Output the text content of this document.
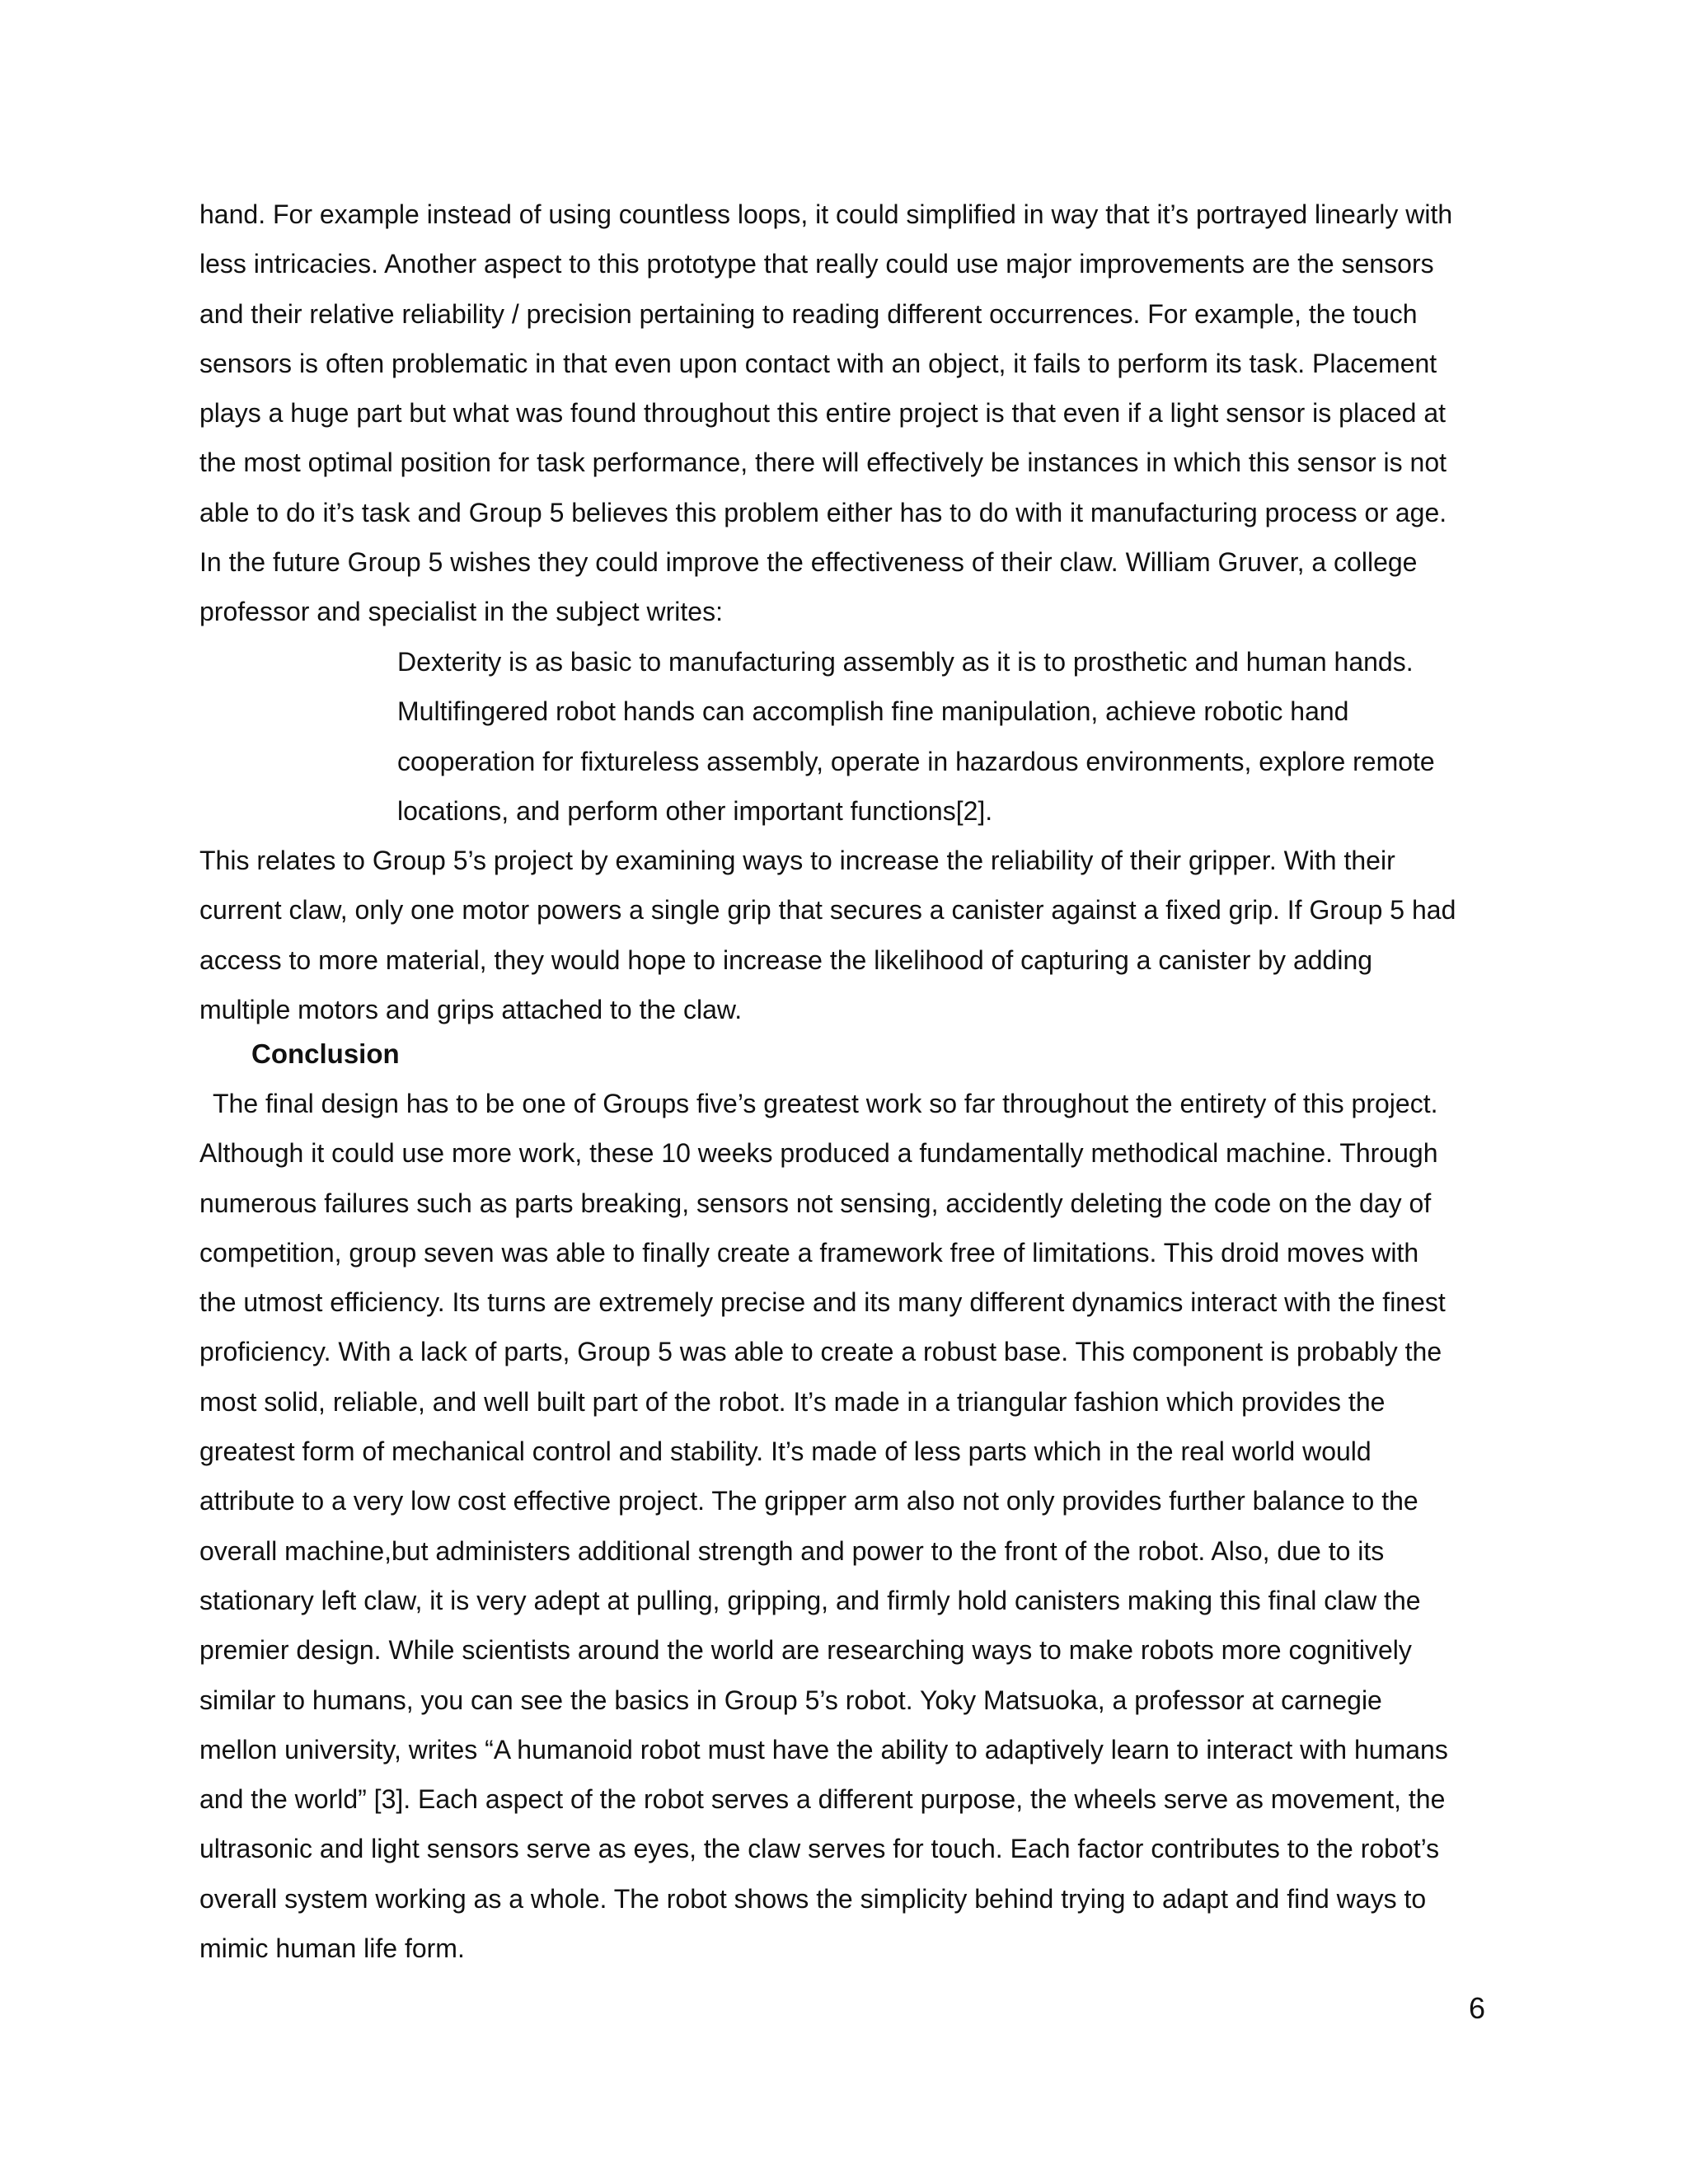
hand. For example instead of using countless loops, it could simplified in way that it’s portrayed linearly with
less intricacies. Another aspect to this prototype that really could use major improvements are the sensors
and their relative reliability / precision pertaining to reading different occurrences. For example, the touch
sensors is often problematic in that even upon contact with an object, it fails to perform its task. Placement
plays a huge part but what was found throughout this entire project is that even if a light sensor is placed at
the most optimal position for task performance, there will effectively be instances in which this sensor is not
able to do it’s task and Group 5 believes this problem either has to do with it manufacturing process or age.
In the future Group 5 wishes they could improve the effectiveness of their claw. William Gruver, a college
professor and specialist in the subject writes:
Dexterity is as basic to manufacturing assembly as it is to prosthetic and human hands.
Multifingered robot hands can accomplish fine manipulation, achieve robotic hand
cooperation for fixtureless assembly, operate in hazardous environments, explore remote
locations, and perform other important functions[2].
This relates to Group 5’s project by examining ways to increase the reliability of their gripper. With their
current claw, only one motor powers a single grip that secures a canister against a fixed grip. If Group 5 had
access to more material, they would hope to increase the likelihood of capturing a canister by adding
multiple motors and grips attached to the claw.
Conclusion
The final design has to be one of Groups five’s greatest work so far throughout the entirety of this project.
Although it could use more work, these 10 weeks produced a fundamentally methodical machine. Through
numerous failures such as parts breaking, sensors not sensing, accidently deleting the code on the day of
competition, group seven was able to finally create a framework free of limitations. This droid moves with
the utmost efficiency. Its turns are extremely precise and its many different dynamics interact with the finest
proficiency. With a lack of parts, Group 5 was able to create a robust base. This component is probably the
most solid, reliable, and well built part of the robot. It’s made in a triangular fashion which provides the
greatest form of mechanical control and stability. It’s made of less parts which in the real world would
attribute to a very low cost effective project. The gripper arm also not only provides further balance to the
overall machine,but administers additional strength and power to the front of the robot. Also, due to its
stationary left claw, it is very adept at pulling, gripping, and firmly hold canisters making this final claw the
premier design. While scientists around the world are researching ways to make robots more cognitively
similar to humans, you can see the basics in Group 5’s robot. Yoky Matsuoka, a professor at carnegie
mellon university, writes “A humanoid robot must have the ability to adaptively learn to interact with humans
and the world” [3]. Each aspect of the robot serves a different purpose, the wheels serve as movement, the
ultrasonic and light sensors serve as eyes, the claw serves for touch. Each factor contributes to the robot’s
overall system working as a whole. The robot shows the simplicity behind trying to adapt and find ways to
mimic human life form.

6
